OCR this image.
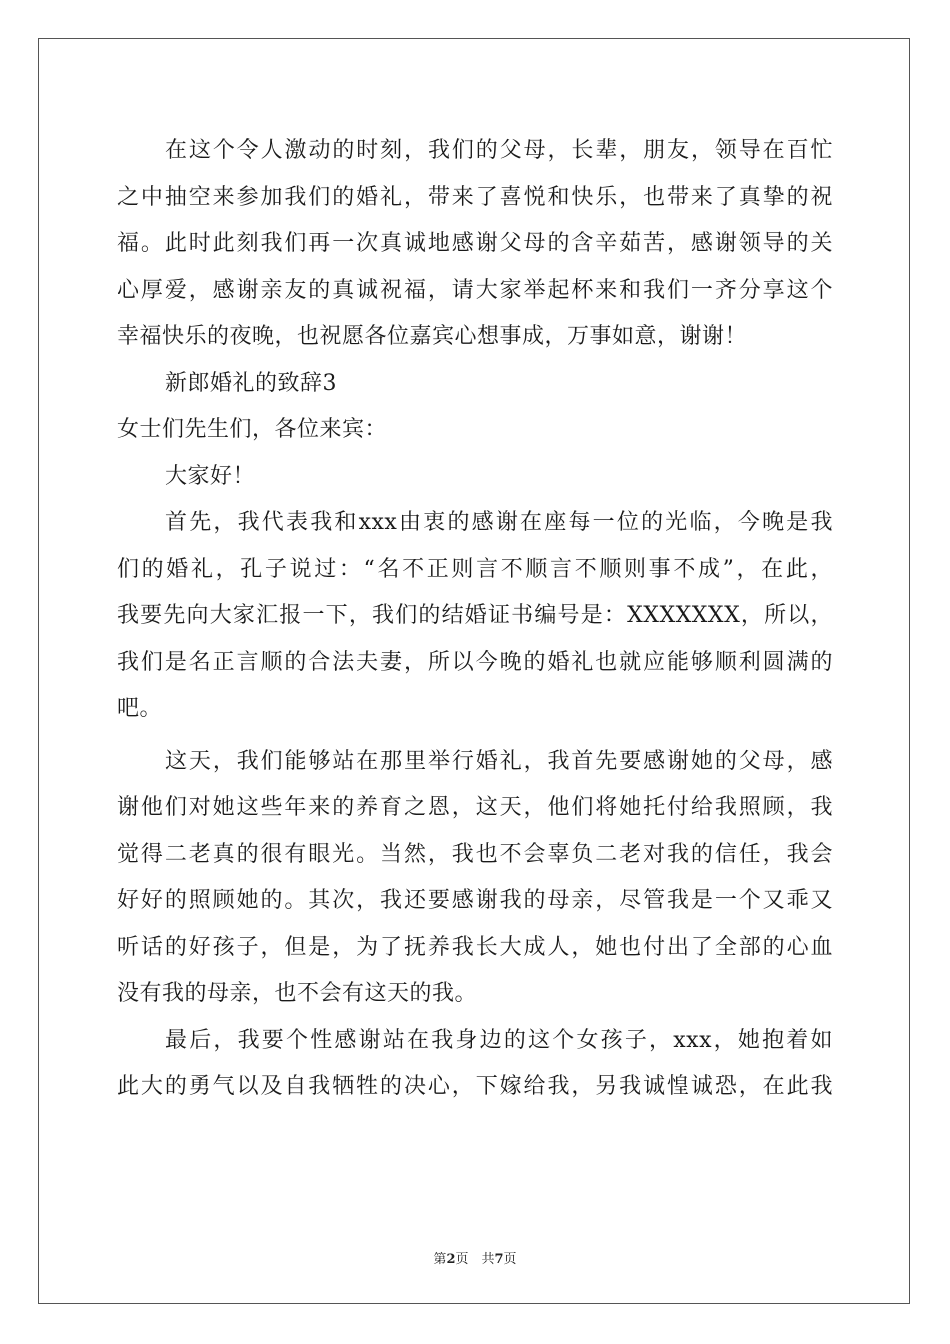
在这个令人激动的时刻，我们的父母，长辈，朋友，领导在百忙
之中抽空来参加我们的婚礼，带来了喜悦和快乐，也带来了真挚的祝
福。此时此刻我们再一次真诚地感谢父母的含辛茹苦，感谢领导的关
心厚爱，感谢亲友的真诚祝福，请大家举起杯来和我们一齐分享这个
幸福快乐的夜晚，也祝愿各位嘉宾心想事成，万事如意，谢谢！
新郎婚礼的致辞3
女士们先生们，各位来宾：
大家好！
首先，我代表我和xxx由衷的感谢在座每一位的光临，今晚是我
们的婚礼，孔子说过：“名不正则言不顺言不顺则事不成”，在此，
我要先向大家汇报一下，我们的结婚证书编号是：XXXXXXX，所以，
我们是名正言顺的合法夫妻，所以今晚的婚礼也就应能够顺利圆满的
吧。
这天，我们能够站在那里举行婚礼，我首先要感谢她的父母，感
谢他们对她这些年来的养育之恩，这天，他们将她托付给我照顾，我
觉得二老真的很有眼光。当然，我也不会辜负二老对我的信任，我会
好好的照顾她的。其次，我还要感谢我的母亲，尽管我是一个又乖又
听话的好孩子，但是，为了抚养我长大成人，她也付出了全部的心血
没有我的母亲，也不会有这天的我。
最后，我要个性感谢站在我身边的这个女孩子，xxx，她抱着如
此大的勇气以及自我牺牲的决心，下嫁给我，另我诚惶诚恐，在此我
第2页　共7页
